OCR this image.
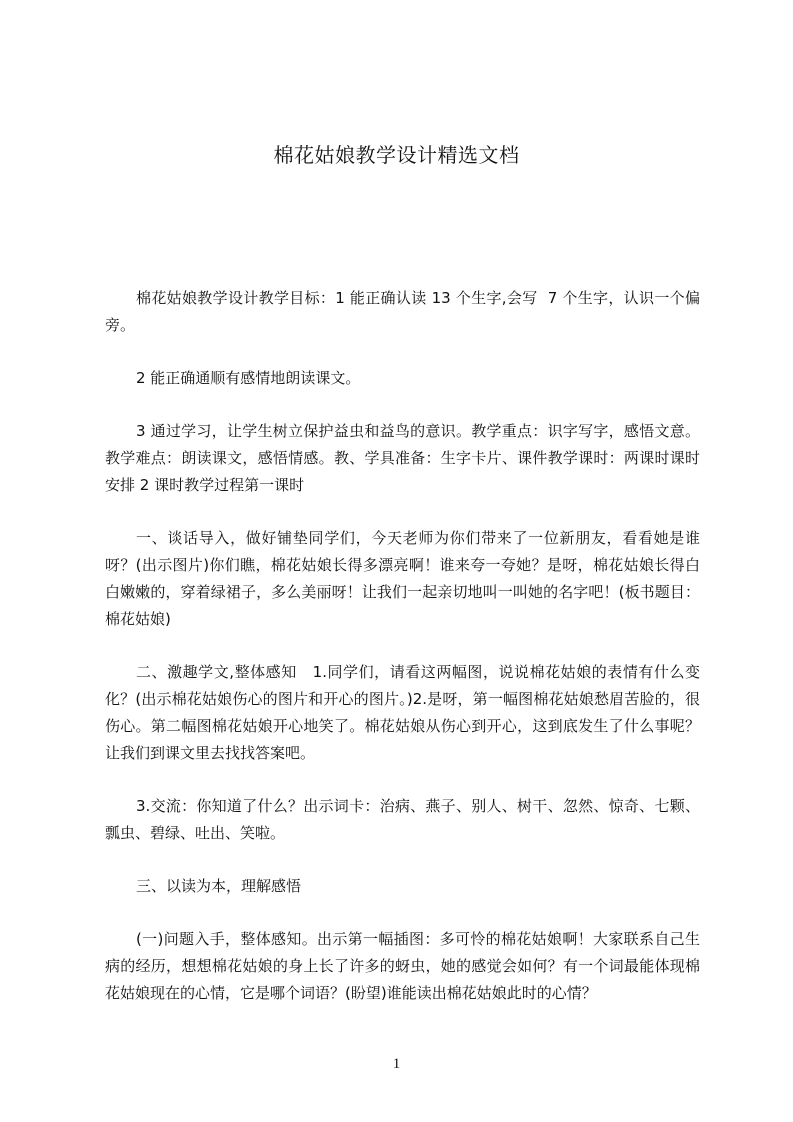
棉花姑娘教学设计精选文档

棉花姑娘教学设计教学目标：1 能正确认读 13 个生字,会写  7 个生字，认识一个偏旁。

2 能正确通顺有感情地朗读课文。

3 通过学习，让学生树立保护益虫和益鸟的意识。教学重点：识字写字，感悟文意。教学难点：朗读课文，感悟情感。教、学具准备：生字卡片、课件教学课时：两课时课时安排 2 课时教学过程第一课时

一、谈话导入，做好铺垫同学们，今天老师为你们带来了一位新朋友，看看她是谁呀？(出示图片)你们瞧，棉花姑娘长得多漂亮啊！谁来夸一夸她？是呀，棉花姑娘长得白白嫩嫩的，穿着绿裙子，多么美丽呀！让我们一起亲切地叫一叫她的名字吧！(板书题目：棉花姑娘)

二、激趣学文,整体感知   1.同学们，请看这两幅图，说说棉花姑娘的表情有什么变化？(出示棉花姑娘伤心的图片和开心的图片。)2.是呀，第一幅图棉花姑娘愁眉苦脸的，很伤心。第二幅图棉花姑娘开心地笑了。棉花姑娘从伤心到开心，这到底发生了什么事呢？让我们到课文里去找找答案吧。

3.交流：你知道了什么？出示词卡：治病、燕子、别人、树干、忽然、惊奇、七颗、瓢虫、碧绿、吐出、笑啦。

三、以读为本，理解感悟

(一)问题入手，整体感知。出示第一幅插图：多可怜的棉花姑娘啊！大家联系自己生病的经历，想想棉花姑娘的身上长了许多的蚜虫，她的感觉会如何？有一个词最能体现棉花姑娘现在的心情，它是哪个词语？(盼望)谁能读出棉花姑娘此时的心情？

1
